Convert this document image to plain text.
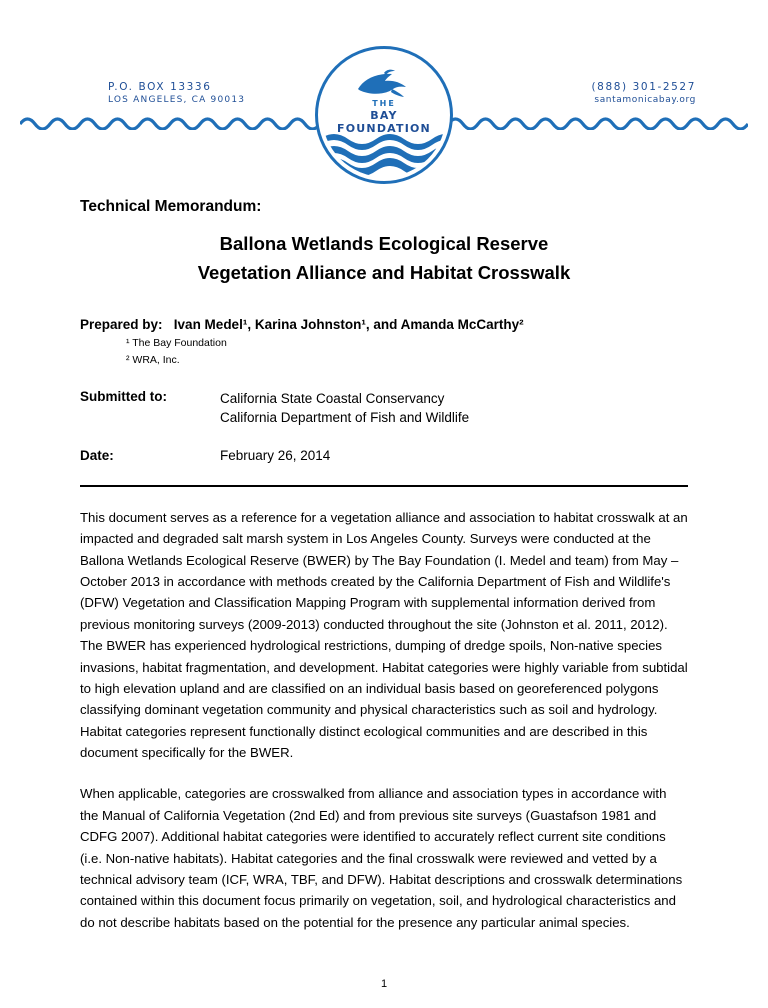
P.O. BOX 13336
LOS ANGELES, CA 90013
(888) 301-2527
santamonicabay.org
THE
BAY FOUNDATION
Technical Memorandum:
Ballona Wetlands Ecological Reserve
Vegetation Alliance and Habitat Crosswalk
Prepared by: Ivan Medel¹, Karina Johnston¹, and Amanda McCarthy²
¹ The Bay Foundation
² WRA, Inc.
Submitted to:	California State Coastal Conservancy
California Department of Fish and Wildlife
Date:	February 26, 2014
This document serves as a reference for a vegetation alliance and association to habitat crosswalk at an impacted and degraded salt marsh system in Los Angeles County. Surveys were conducted at the Ballona Wetlands Ecological Reserve (BWER) by The Bay Foundation (I. Medel and team) from May – October 2013 in accordance with methods created by the California Department of Fish and Wildlife's (DFW) Vegetation and Classification Mapping Program with supplemental information derived from previous monitoring surveys (2009-2013) conducted throughout the site (Johnston et al. 2011, 2012). The BWER has experienced hydrological restrictions, dumping of dredge spoils, Non-native species invasions, habitat fragmentation, and development. Habitat categories were highly variable from subtidal to high elevation upland and are classified on an individual basis based on georeferenced polygons classifying dominant vegetation community and physical characteristics such as soil and hydrology. Habitat categories represent functionally distinct ecological communities and are described in this document specifically for the BWER.
When applicable, categories are crosswalked from alliance and association types in accordance with the Manual of California Vegetation (2nd Ed) and from previous site surveys (Guastafson 1981 and CDFG 2007). Additional habitat categories were identified to accurately reflect current site conditions (i.e. Non-native habitats). Habitat categories and the final crosswalk were reviewed and vetted by a technical advisory team (ICF, WRA, TBF, and DFW). Habitat descriptions and crosswalk determinations contained within this document focus primarily on vegetation, soil, and hydrological characteristics and do not describe habitats based on the potential for the presence any particular animal species.
1
